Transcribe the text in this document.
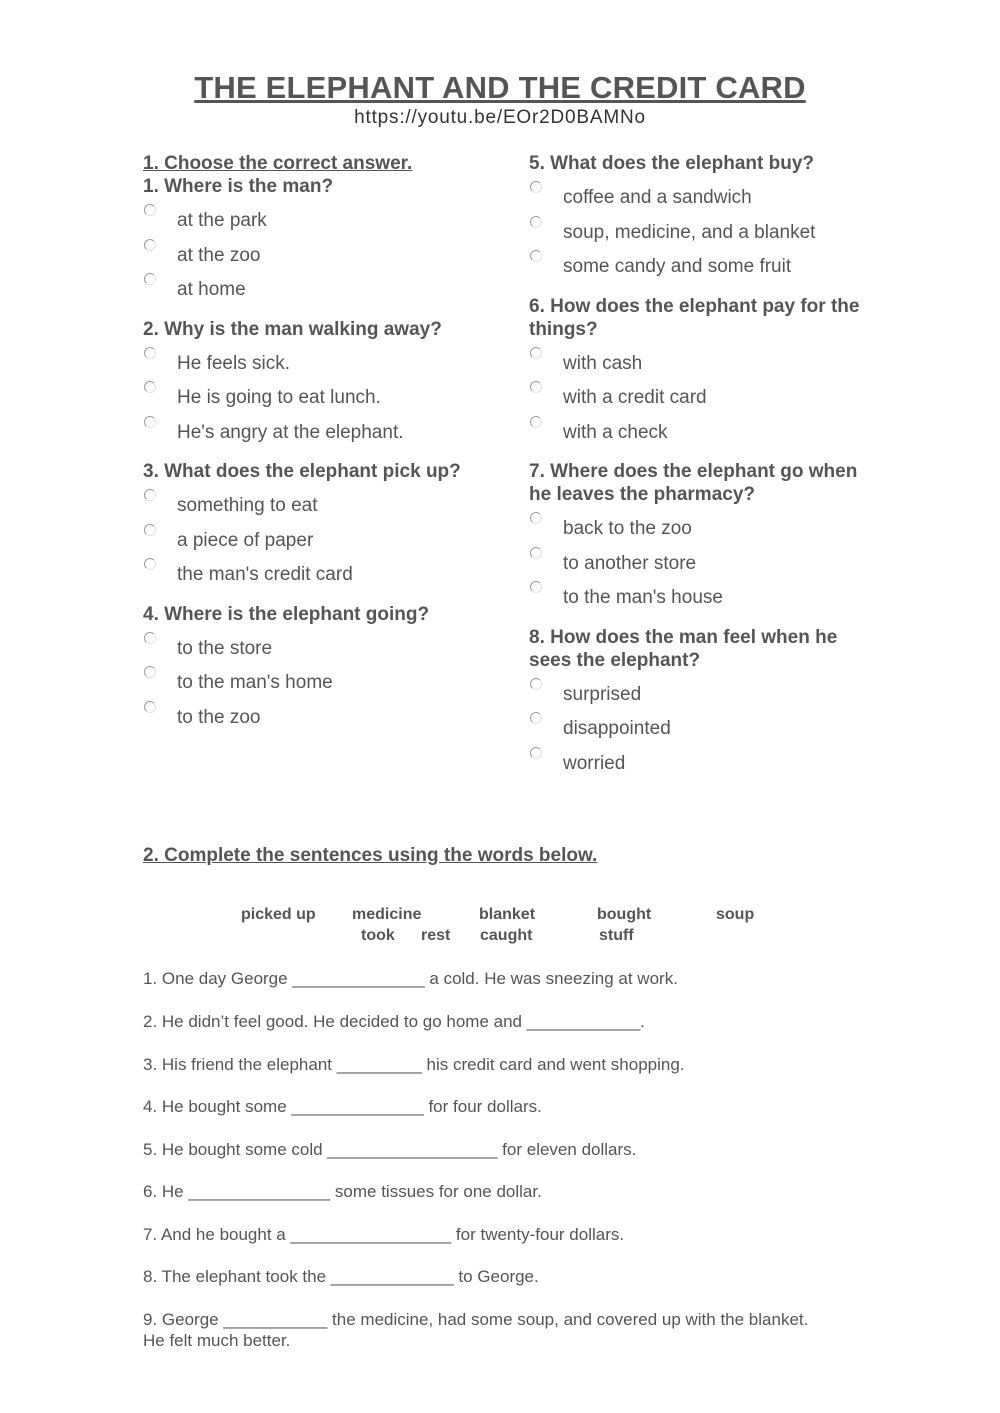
THE ELEPHANT AND THE CREDIT CARD
https://youtu.be/EOr2D0BAMNo
1. Choose the correct answer.
1. Where is the man?
at the park
at the zoo
at home
2. Why is the man walking away?
He feels sick.
He is going to eat lunch.
He's angry at the elephant.
3. What does the elephant pick up?
something to eat
a piece of paper
the man's credit card
4. Where is the elephant going?
to the store
to the man's home
to the zoo
5. What does the elephant buy?
coffee and a sandwich
soup, medicine, and a blanket
some candy and some fruit
6. How does the elephant pay for the things?
with cash
with a credit card
with a check
7. Where does the elephant go when he leaves the pharmacy?
back to the zoo
to another store
to the man's house
8. How does the man feel when he sees the elephant?
surprised
disappointed
worried
2. Complete the sentences using the words below.
picked up medicine	blanket	bought	soup
took rest caught	stuff
1. One day George ______________ a cold. He was sneezing at work.
2. He didn’t feel good. He decided to go home and ____________.
3. His friend the elephant _________ his credit card and went shopping.
4. He bought some ______________ for four dollars.
5. He bought some cold __________________ for eleven dollars.
6. He _______________ some tissues for one dollar.
7. And he bought a _________________ for twenty-four dollars.
8. The elephant took the _____________ to George.
9. George ___________ the medicine, had some soup, and covered up with the blanket. He felt much better.
